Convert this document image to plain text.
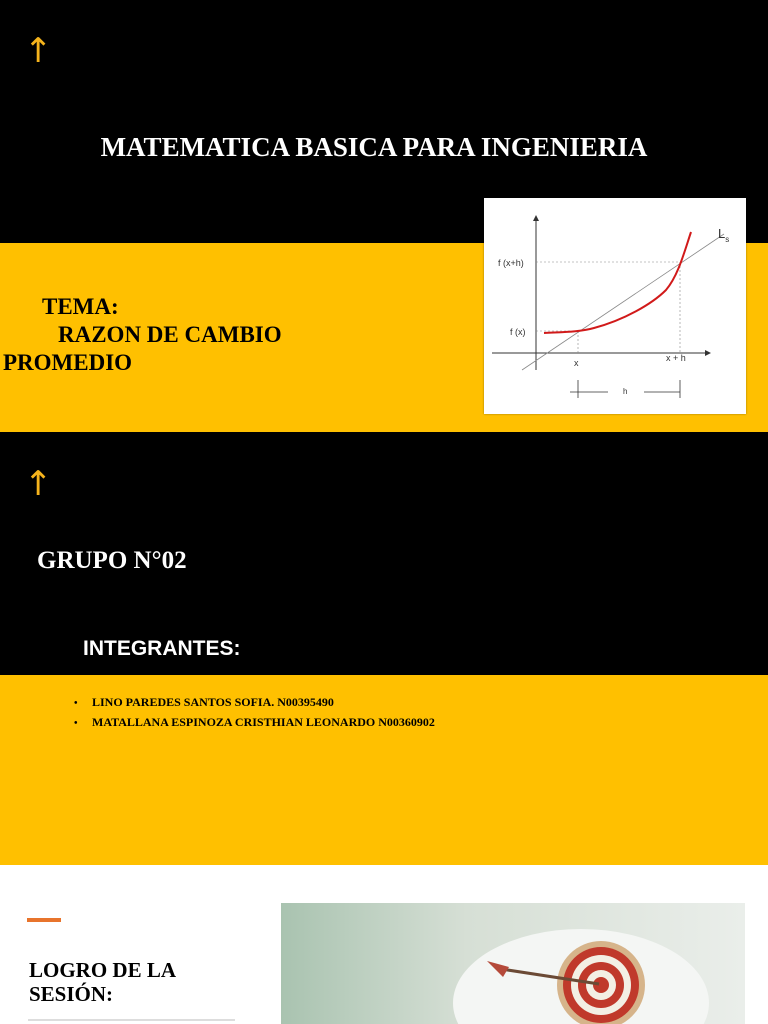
↑
MATEMATICA BASICA PARA INGENIERIA
TEMA:
RAZON DE CAMBIO
PROMEDIO
$L_s$
f (x+h)
f (x)
x	x + h
h
↑
GRUPO N°02
INTEGRANTES:
• LINO PAREDES SANTOS SOFIA. N00395490
• MATALLANA ESPINOZA CRISTHIAN LEONARDO N00360902
LOGRO DE LA
SESIÓN:
